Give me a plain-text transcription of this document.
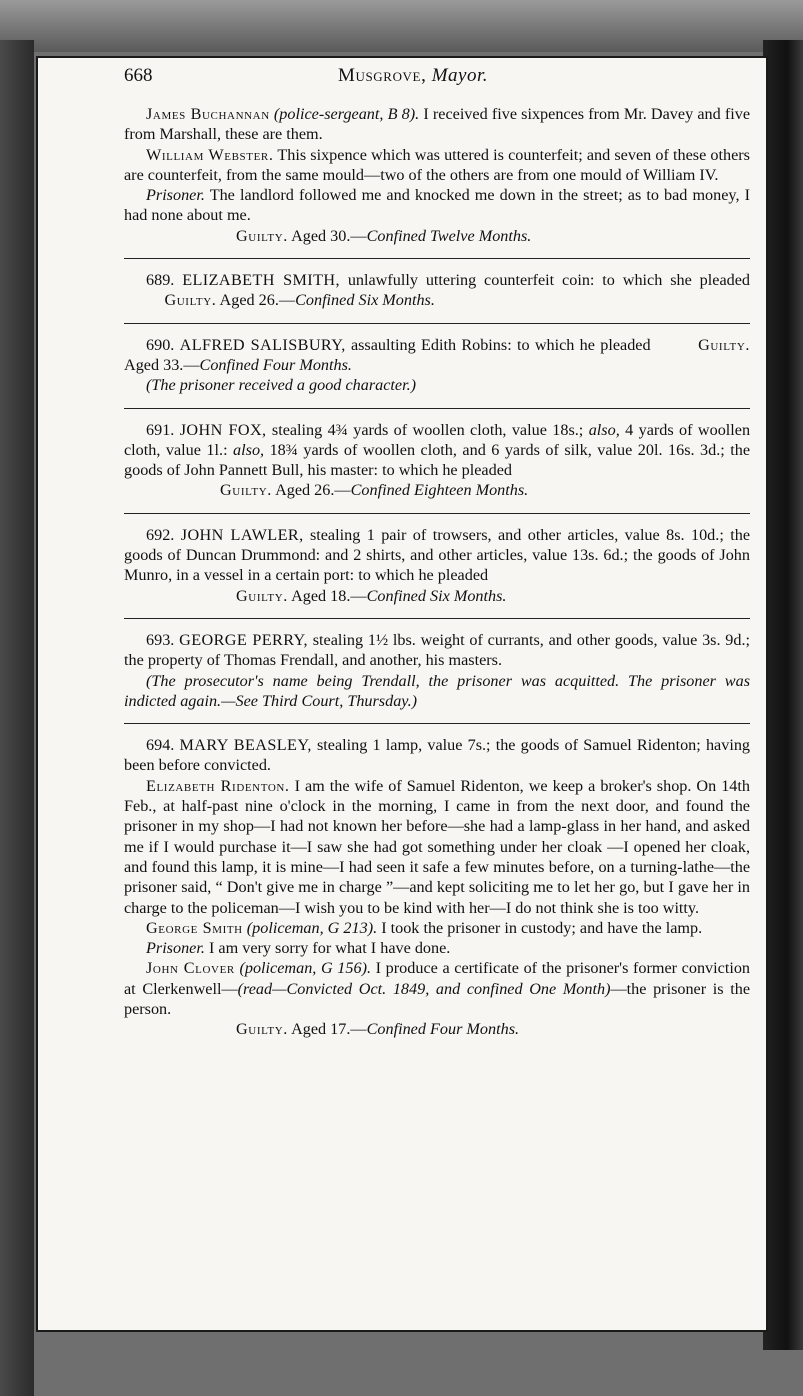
668	Musgrove, Mayor.

James Buchannan (police-sergeant, B 8). I received five sixpences from Mr. Davey and five from Marshall, these are them.

William Webster. This sixpence which was uttered is counterfeit; and seven of these others are counterfeit, from the same mould—two of the others are from one mould of William IV.

Prisoner. The landlord followed me and knocked me down in the street; as to bad money, I had none about me.

Guilty. Aged 30.—Confined Twelve Months.

689. ELIZABETH SMITH, unlawfully uttering counterfeit coin: to which she pleaded           Guilty. Aged 26.—Confined Six Months.

690. ALFRED SALISBURY, assaulting Edith Robins: to which he pleaded	Guilty. Aged 33.—Confined Four Months.

(The prisoner received a good character.)

691. JOHN FOX, stealing 4¾ yards of woollen cloth, value 18s.; also, 4 yards of woollen cloth, value 1l.: also, 18¾ yards of woollen cloth, and 6 yards of silk, value 20l. 16s. 3d.; the goods of John Pannett Bull, his master: to which he pleaded

Guilty. Aged 26.—Confined Eighteen Months.

692. JOHN LAWLER, stealing 1 pair of trowsers, and other articles, value 8s. 10d.; the goods of Duncan Drummond: and 2 shirts, and other articles, value 13s. 6d.; the goods of John Munro, in a vessel in a certain port: to which he pleaded

Guilty. Aged 18.—Confined Six Months.

693. GEORGE PERRY, stealing 1½ lbs. weight of currants, and other goods, value 3s. 9d.; the property of Thomas Frendall, and another, his masters.

(The prosecutor's name being Trendall, the prisoner was acquitted. The prisoner was indicted again.—See Third Court, Thursday.)

694. MARY BEASLEY, stealing 1 lamp, value 7s.; the goods of Samuel Ridenton; having been before convicted.

Elizabeth Ridenton. I am the wife of Samuel Ridenton, we keep a broker's shop. On 14th Feb., at half-past nine o'clock in the morning, I came in from the next door, and found the prisoner in my shop—I had not known her before—she had a lamp-glass in her hand, and asked me if I would purchase it—I saw she had got something under her cloak —I opened her cloak, and found this lamp, it is mine—I had seen it safe a few minutes before, on a turning-lathe—the prisoner said, “ Don't give me in charge ”—and kept soliciting me to let her go, but I gave her in charge to the policeman—I wish you to be kind with her—I do not think she is too witty.

George Smith (policeman, G 213). I took the prisoner in custody; and have the lamp.

Prisoner. I am very sorry for what I have done.

John Clover (policeman, G 156). I produce a certificate of the prisoner's former conviction at Clerkenwell—(read—Convicted Oct. 1849, and confined One Month)—the prisoner is the person.

Guilty. Aged 17.—Confined Four Months.
